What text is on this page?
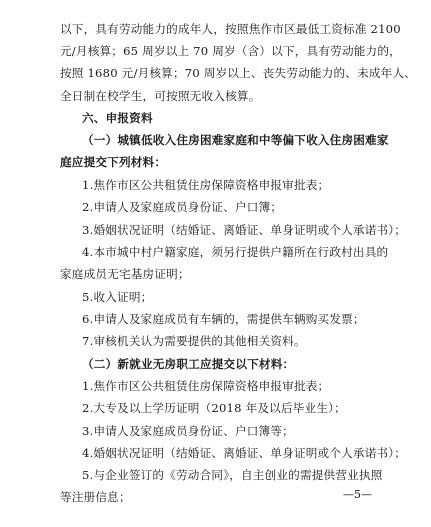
以下，具有劳动能力的成年人，按照焦作市区最低工资标准 2100
元/月核算；65 周岁以上 70 周岁（含）以下，具有劳动能力的，
按照 1680 元/月核算；70 周岁以上、丧失劳动能力的、未成年人、
全日制在校学生，可按照无收入核算。
六、申报资料
（一）城镇低收入住房困难家庭和中等偏下收入住房困难家
庭应提交下列材料：
1.焦作市区公共租赁住房保障资格申报审批表；
2.申请人及家庭成员身份证、户口簿；
3.婚姻状况证明（结婚证、离婚证、单身证明或个人承诺书）；
4.本市城中村户籍家庭，须另行提供户籍所在行政村出具的
家庭成员无宅基房证明；
5.收入证明；
6.申请人及家庭成员有车辆的，需提供车辆购买发票；
7.审核机关认为需要提供的其他相关资料。
（二）新就业无房职工应提交以下材料：
1.焦作市区公共租赁住房保障资格申报审批表；
2.大专及以上学历证明（2018 年及以后毕业生）；
3.申请人及家庭成员身份证、户口簿等；
4.婚姻状况证明（结婚证、离婚证、单身证明或个人承诺书）；
5.与企业签订的《劳动合同》，自主创业的需提供营业执照
等注册信息；	—5—
